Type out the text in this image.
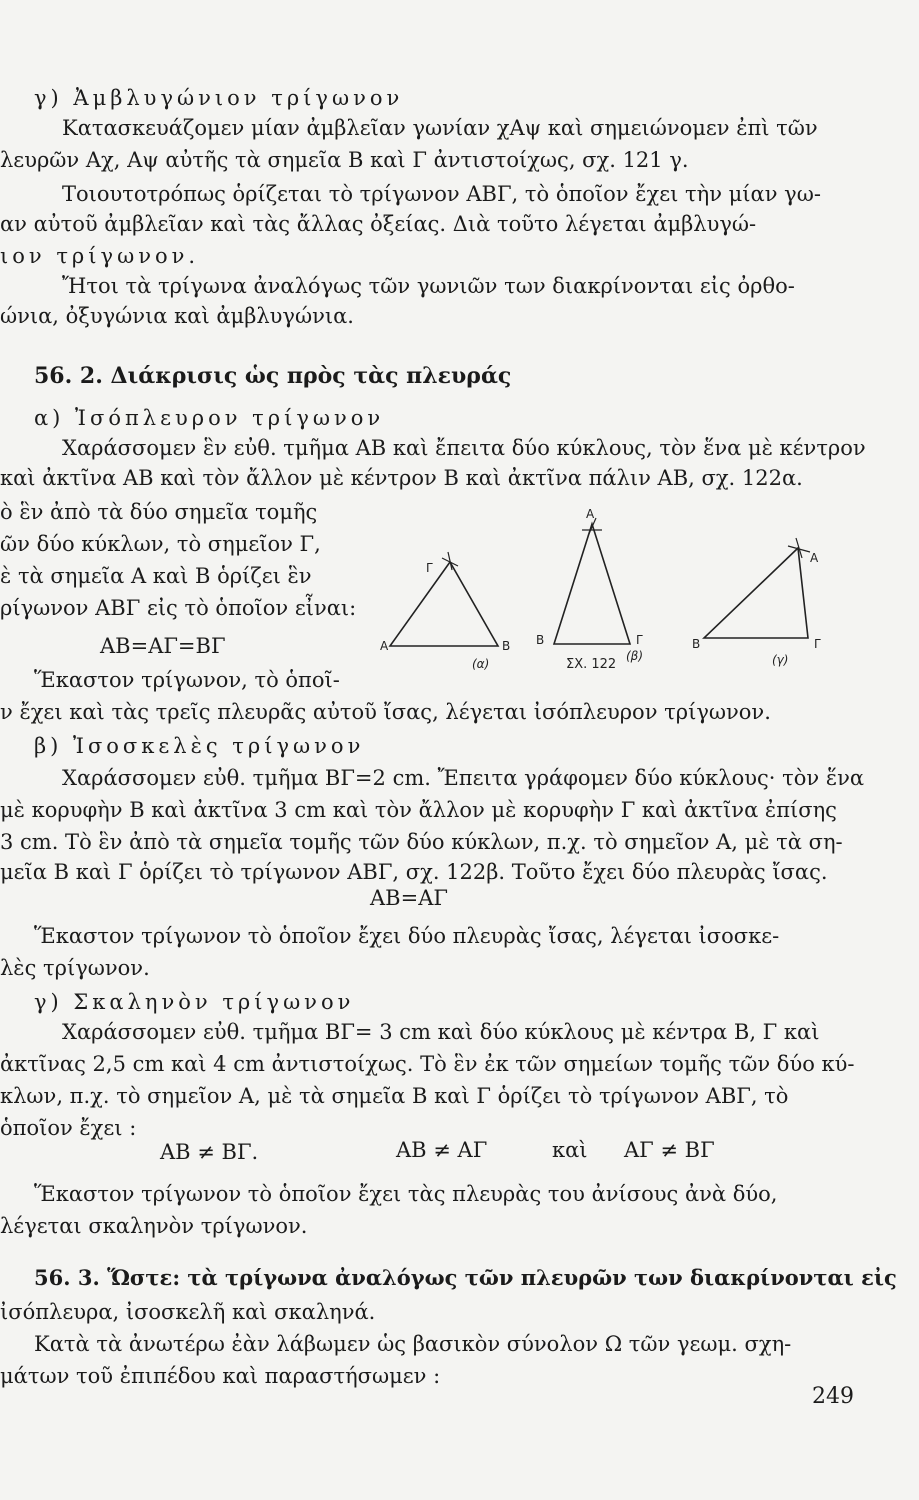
γ) Ἀμβλυγώνιον τρίγωνον
Κατασκευάζομεν μίαν ἀμβλεῖαν γωνίαν χΑψ καὶ σημειώνομεν ἐπὶ τῶν
λευρῶν Αχ, Αψ αὐτῆς τὰ σημεῖα Β καὶ Γ ἀντιστοίχως, σχ. 121 γ.
Τοιουτοτρόπως ὁρίζεται τὸ τρίγωνον ΑΒΓ, τὸ ὁποῖον ἔχει τὴν μίαν γω-
αν αὐτοῦ ἀμβλεῖαν καὶ τὰς ἄλλας ὀξείας. Διὰ τοῦτο λέγεται ἀμβλυγώ-
ιον τρίγωνον.
Ἤτοι τὰ τρίγωνα ἀναλόγως τῶν γωνιῶν των διακρίνονται εἰς ὀρθο-
ώνια, ὀξυγώνια καὶ ἀμβλυγώνια.
56. 2. Διάκρισις ὡς πρὸς τὰς πλευράς
α) Ἰσόπλευρον τρίγωνον
Χαράσσομεν ἓν εὐθ. τμῆμα ΑΒ καὶ ἔπειτα δύο κύκλους, τὸν ἕνα μὲ κέντρον
καὶ ἀκτῖνα ΑΒ καὶ τὸν ἄλλον μὲ κέντρον Β καὶ ἀκτῖνα πάλιν ΑΒ, σχ. 122α.
ὸ ἓν ἀπὸ τὰ δύο σημεῖα τομῆς
ῶν δύο κύκλων, τὸ σημεῖον Γ,
ὲ τὰ σημεῖα Α καὶ Β ὁρίζει ἓν
ρίγωνον ΑΒΓ εἰς τὸ ὁποῖον εἶναι:
ΑΒ=ΑΓ=ΒΓ
Ἕκαστον τρίγωνον, τὸ ὁποῖ-
ν ἔχει καὶ τὰς τρεῖς πλευρᾶς αὐτοῦ ἴσας, λέγεται ἰσόπλευρον τρίγωνον.
β) Ἰσοσκελὲς τρίγωνον
Χαράσσομεν εὐθ. τμῆμα ΒΓ=2 cm. Ἔπειτα γράφομεν δύο κύκλους· τὸν ἕνα
μὲ κορυφὴν Β καὶ ἀκτῖνα 3 cm καὶ τὸν ἄλλον μὲ κορυφὴν Γ καὶ ἀκτῖνα ἐπίσης
3 cm. Τὸ ἓν ἀπὸ τὰ σημεῖα τομῆς τῶν δύο κύκλων, π.χ. τὸ σημεῖον Α, μὲ τὰ ση-
μεῖα Β καὶ Γ ὁρίζει τὸ τρίγωνον ΑΒΓ, σχ. 122β. Τοῦτο ἔχει δύο πλευρὰς ἴσας.
ΑΒ=ΑΓ
Ἕκαστον τρίγωνον τὸ ὁποῖον ἔχει δύο πλευρὰς ἴσας, λέγεται ἰσοσκε-
λὲς τρίγωνον.
γ) Σκαληνὸν τρίγωνον
Χαράσσομεν εὐθ. τμῆμα ΒΓ= 3 cm καὶ δύο κύκλους μὲ κέντρα Β, Γ καὶ
ἀκτῖνας 2,5 cm καὶ 4 cm ἀντιστοίχως. Τὸ ἓν ἐκ τῶν σημείων τομῆς τῶν δύο κύ-
κλων, π.χ. τὸ σημεῖον Α, μὲ τὰ σημεῖα Β καὶ Γ ὁρίζει τὸ τρίγωνον ΑΒΓ, τὸ
ὁποῖον ἔχει :
ΑΒ ≠ ΒΓ.	ΑΒ ≠ ΑΓ	καὶ ΑΓ ≠ ΒΓ
Ἕκαστον τρίγωνον τὸ ὁποῖον ἔχει τὰς πλευρὰς του ἀνίσους ἀνὰ δύο,
λέγεται σκαληνὸν τρίγωνον.
56. 3. Ὥστε: τὰ τρίγωνα ἀναλόγως τῶν πλευρῶν των διακρίνονται εἰς
ἰσόπλευρα, ἰσοσκελῆ καὶ σκαληνά.
Κατὰ τὰ ἀνωτέρω ἐὰν λάβωμεν ὡς βασικὸν σύνολον Ω τῶν γεωμ. σχη-
μάτων τοῦ ἐπιπέδου καὶ παραστήσωμεν :
Γ
A	B
(α)
A
B	Γ
ΣΧ. 122
(β)
A
B	Γ
(γ)
249
